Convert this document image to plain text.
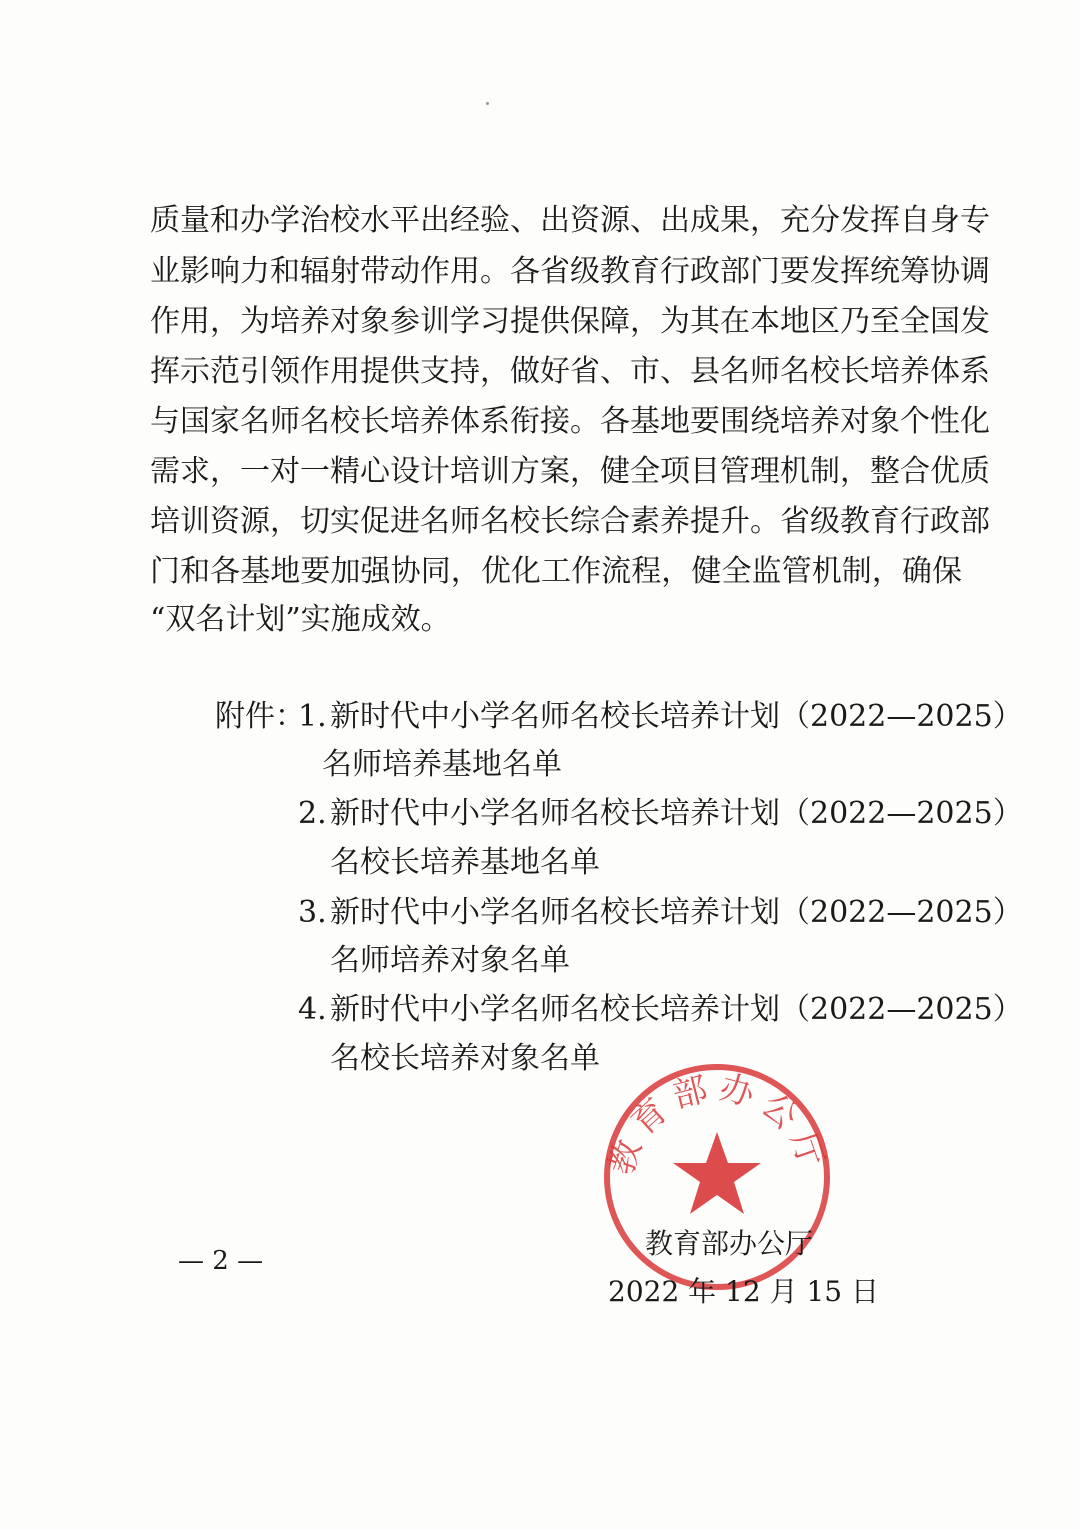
质量和办学治校水平出经验、出资源、出成果，充分发挥自身专
业影响力和辐射带动作用。各省级教育行政部门要发挥统筹协调
作用，为培养对象参训学习提供保障，为其在本地区乃至全国发
挥示范引领作用提供支持，做好省、市、县名师名校长培养体系
与国家名师名校长培养体系衔接。各基地要围绕培养对象个性化
需求，一对一精心设计培训方案，健全项目管理机制，整合优质
培训资源，切实促进名师名校长综合素养提升。省级教育行政部
门和各基地要加强协同，优化工作流程，健全监管机制，确保
“双名计划”实施成效。
附件：
1. 新时代中小学名师名校长培养计划（2022—2025）
名师培养基地名单
2. 新时代中小学名师名校长培养计划（2022—2025）
名校长培养基地名单
3. 新时代中小学名师名校长培养计划（2022—2025）
名师培养对象名单
4. 新时代中小学名师名校长培养计划（2022—2025）
名校长培养对象名单
教育部办公厅
教育部办公厅
2022 年 12 月 15 日
— 2 —
